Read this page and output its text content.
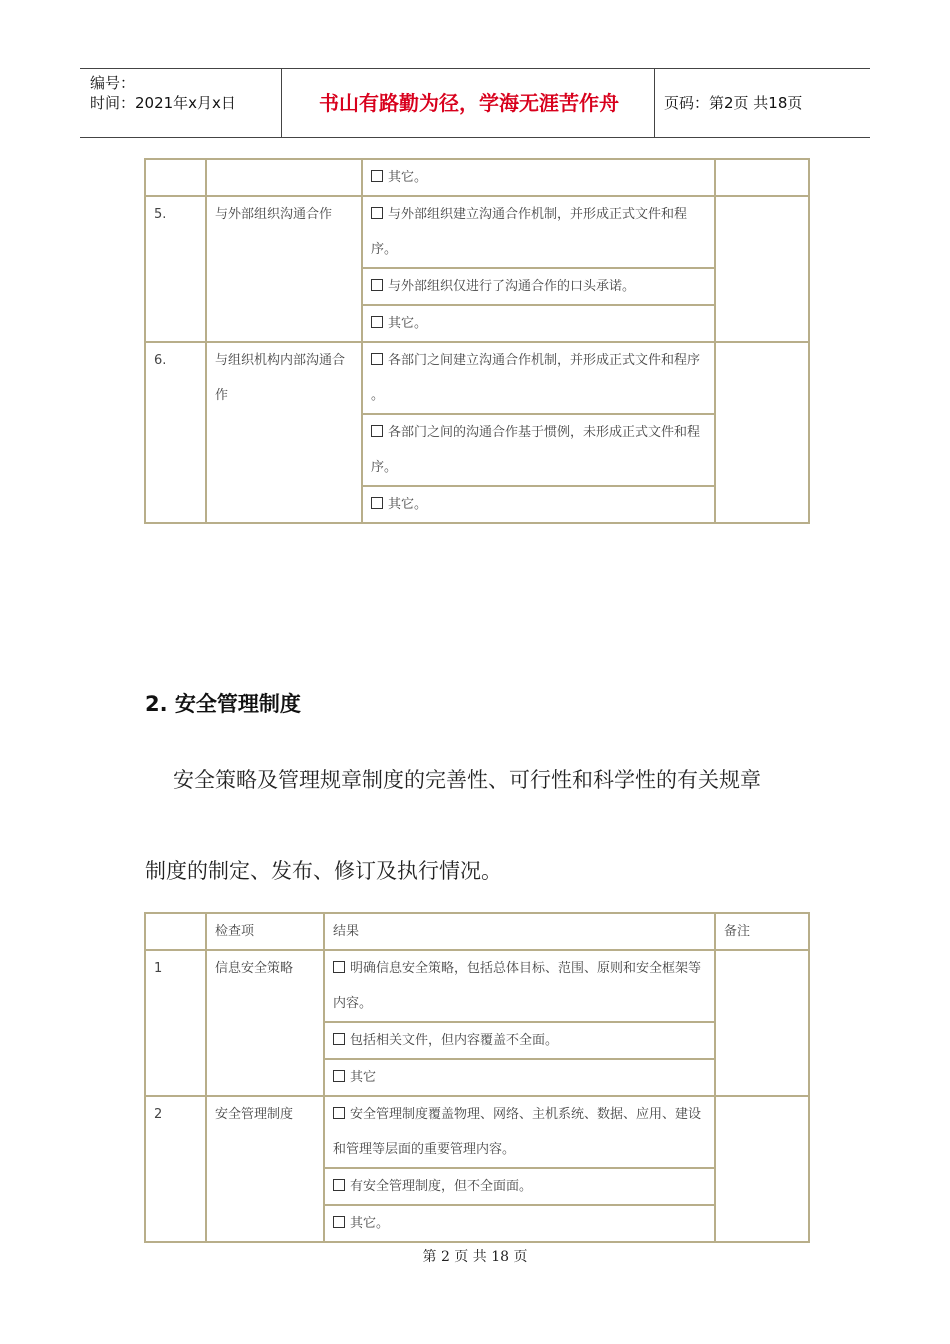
编号：
时间：2021年x月x日	书山有路勤为径，学海无涯苦作舟	页码：第2页 共18页
		其它。	
5.	与外部组织沟通合作	与外部组织建立沟通合作机制，并形成正式文件和程序。	
		与外部组织仅进行了沟通合作的口头承诺。	
		其它。	
6.	与组织机构内部沟通合作	各部门之间建立沟通合作机制，并形成正式文件和程序 。	
		各部门之间的沟通合作基于惯例，未形成正式文件和程序。	
		其它。	
2. 安全管理制度
安全策略及管理规章制度的完善性、可行性和科学性的有关规章
制度的制定、发布、修订及执行情况。
	检查项	结果	备注
1	信息安全策略	明确信息安全策略，包括总体目标、范围、原则和安全框架等内容。	
		包括相关文件，但内容覆盖不全面。	
		其它	
2	安全管理制度	安全管理制度覆盖物理、网络、主机系统、数据、应用、建设和管理等层面的重要管理内容。	
		有安全管理制度，但不全面面。	
		其它。	
第 2 页 共 18 页
